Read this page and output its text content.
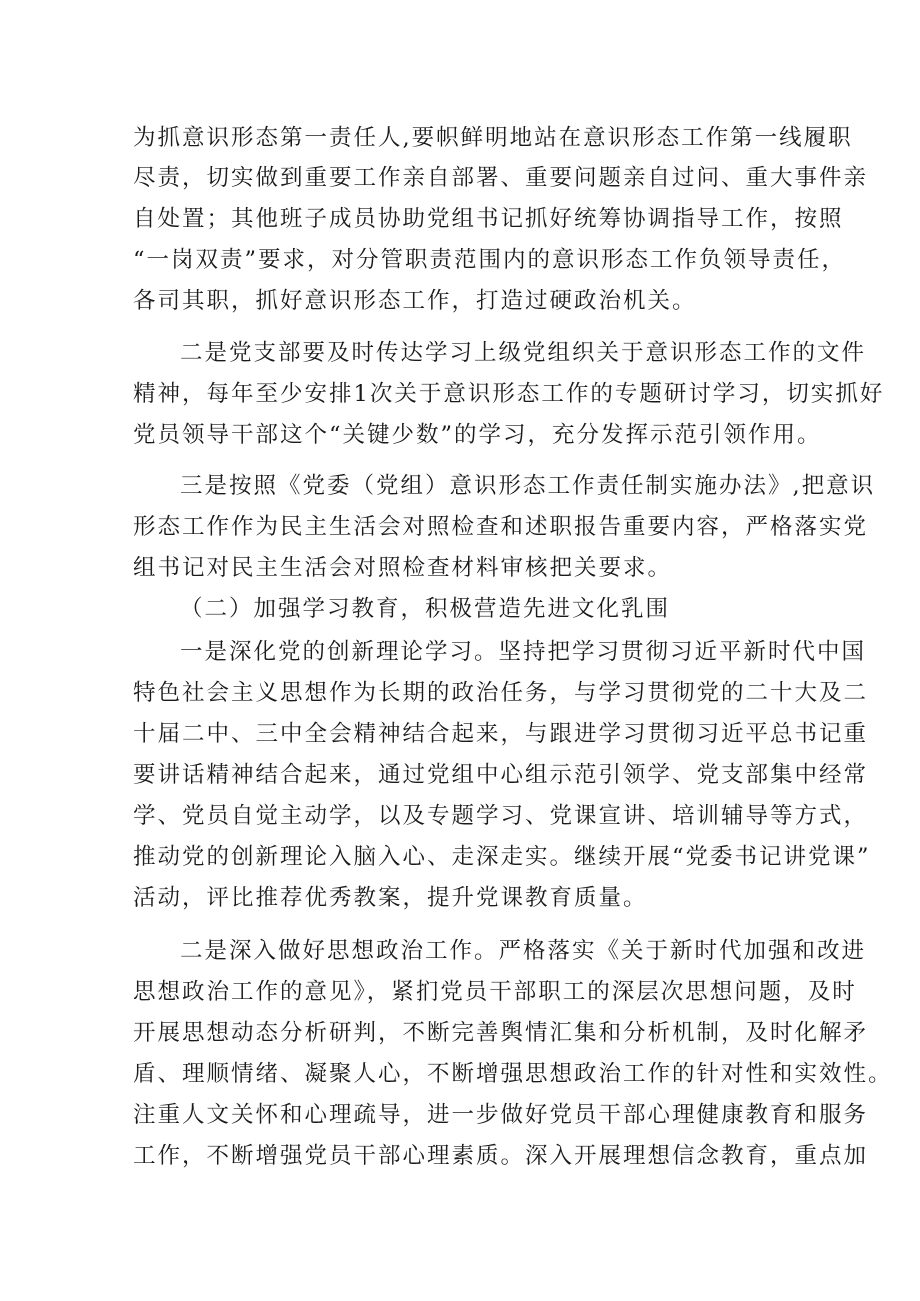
为抓意识形态第一责任人,要帜鲜明地站在意识形态工作第一线履职
尽责，切实做到重要工作亲自部署、重要问题亲自过问、重大事件亲
自处置；其他班子成员协助党组书记抓好统筹协调指导工作，按照
“一岗双责”要求，对分管职责范围内的意识形态工作负领导责任，
各司其职，抓好意识形态工作，打造过硬政治机关。
二是党支部要及时传达学习上级党组织关于意识形态工作的文件
精神，每年至少安排1次关于意识形态工作的专题研讨学习，切实抓好
党员领导干部这个“关键少数”的学习，充分发挥示范引领作用。
三是按照《党委（党组）意识形态工作责任制实施办法》,把意识
形态工作作为民主生活会对照检查和述职报告重要内容，严格落实党
组书记对民主生活会对照检查材料审核把关要求。
（二）加强学习教育，积极营造先进文化乳围
一是深化党的创新理论学习。坚持把学习贯彻习近平新时代中国
特色社会主义思想作为长期的政治任务，与学习贯彻党的二十大及二
十届二中、三中全会精神结合起来，与跟进学习贯彻习近平总书记重
要讲话精神结合起来，通过党组中心组示范引领学、党支部集中经常
学、党员自觉主动学，以及专题学习、党课宣讲、培训辅导等方式，
推动党的创新理论入脑入心、走深走实。继续开展“党委书记讲党课”
活动，评比推荐优秀教案，提升党课教育质量。
二是深入做好思想政治工作。严格落实《关于新时代加强和改进
思想政治工作的意见》，紧扪党员干部职工的深层次思想问题，及时
开展思想动态分析研判，不断完善舆情汇集和分析机制，及时化解矛
盾、理顺情绪、凝聚人心，不断增强思想政治工作的针对性和实效性。
注重人文关怀和心理疏导，进一步做好党员干部心理健康教育和服务
工作，不断增强党员干部心理素质。深入开展理想信念教育，重点加
